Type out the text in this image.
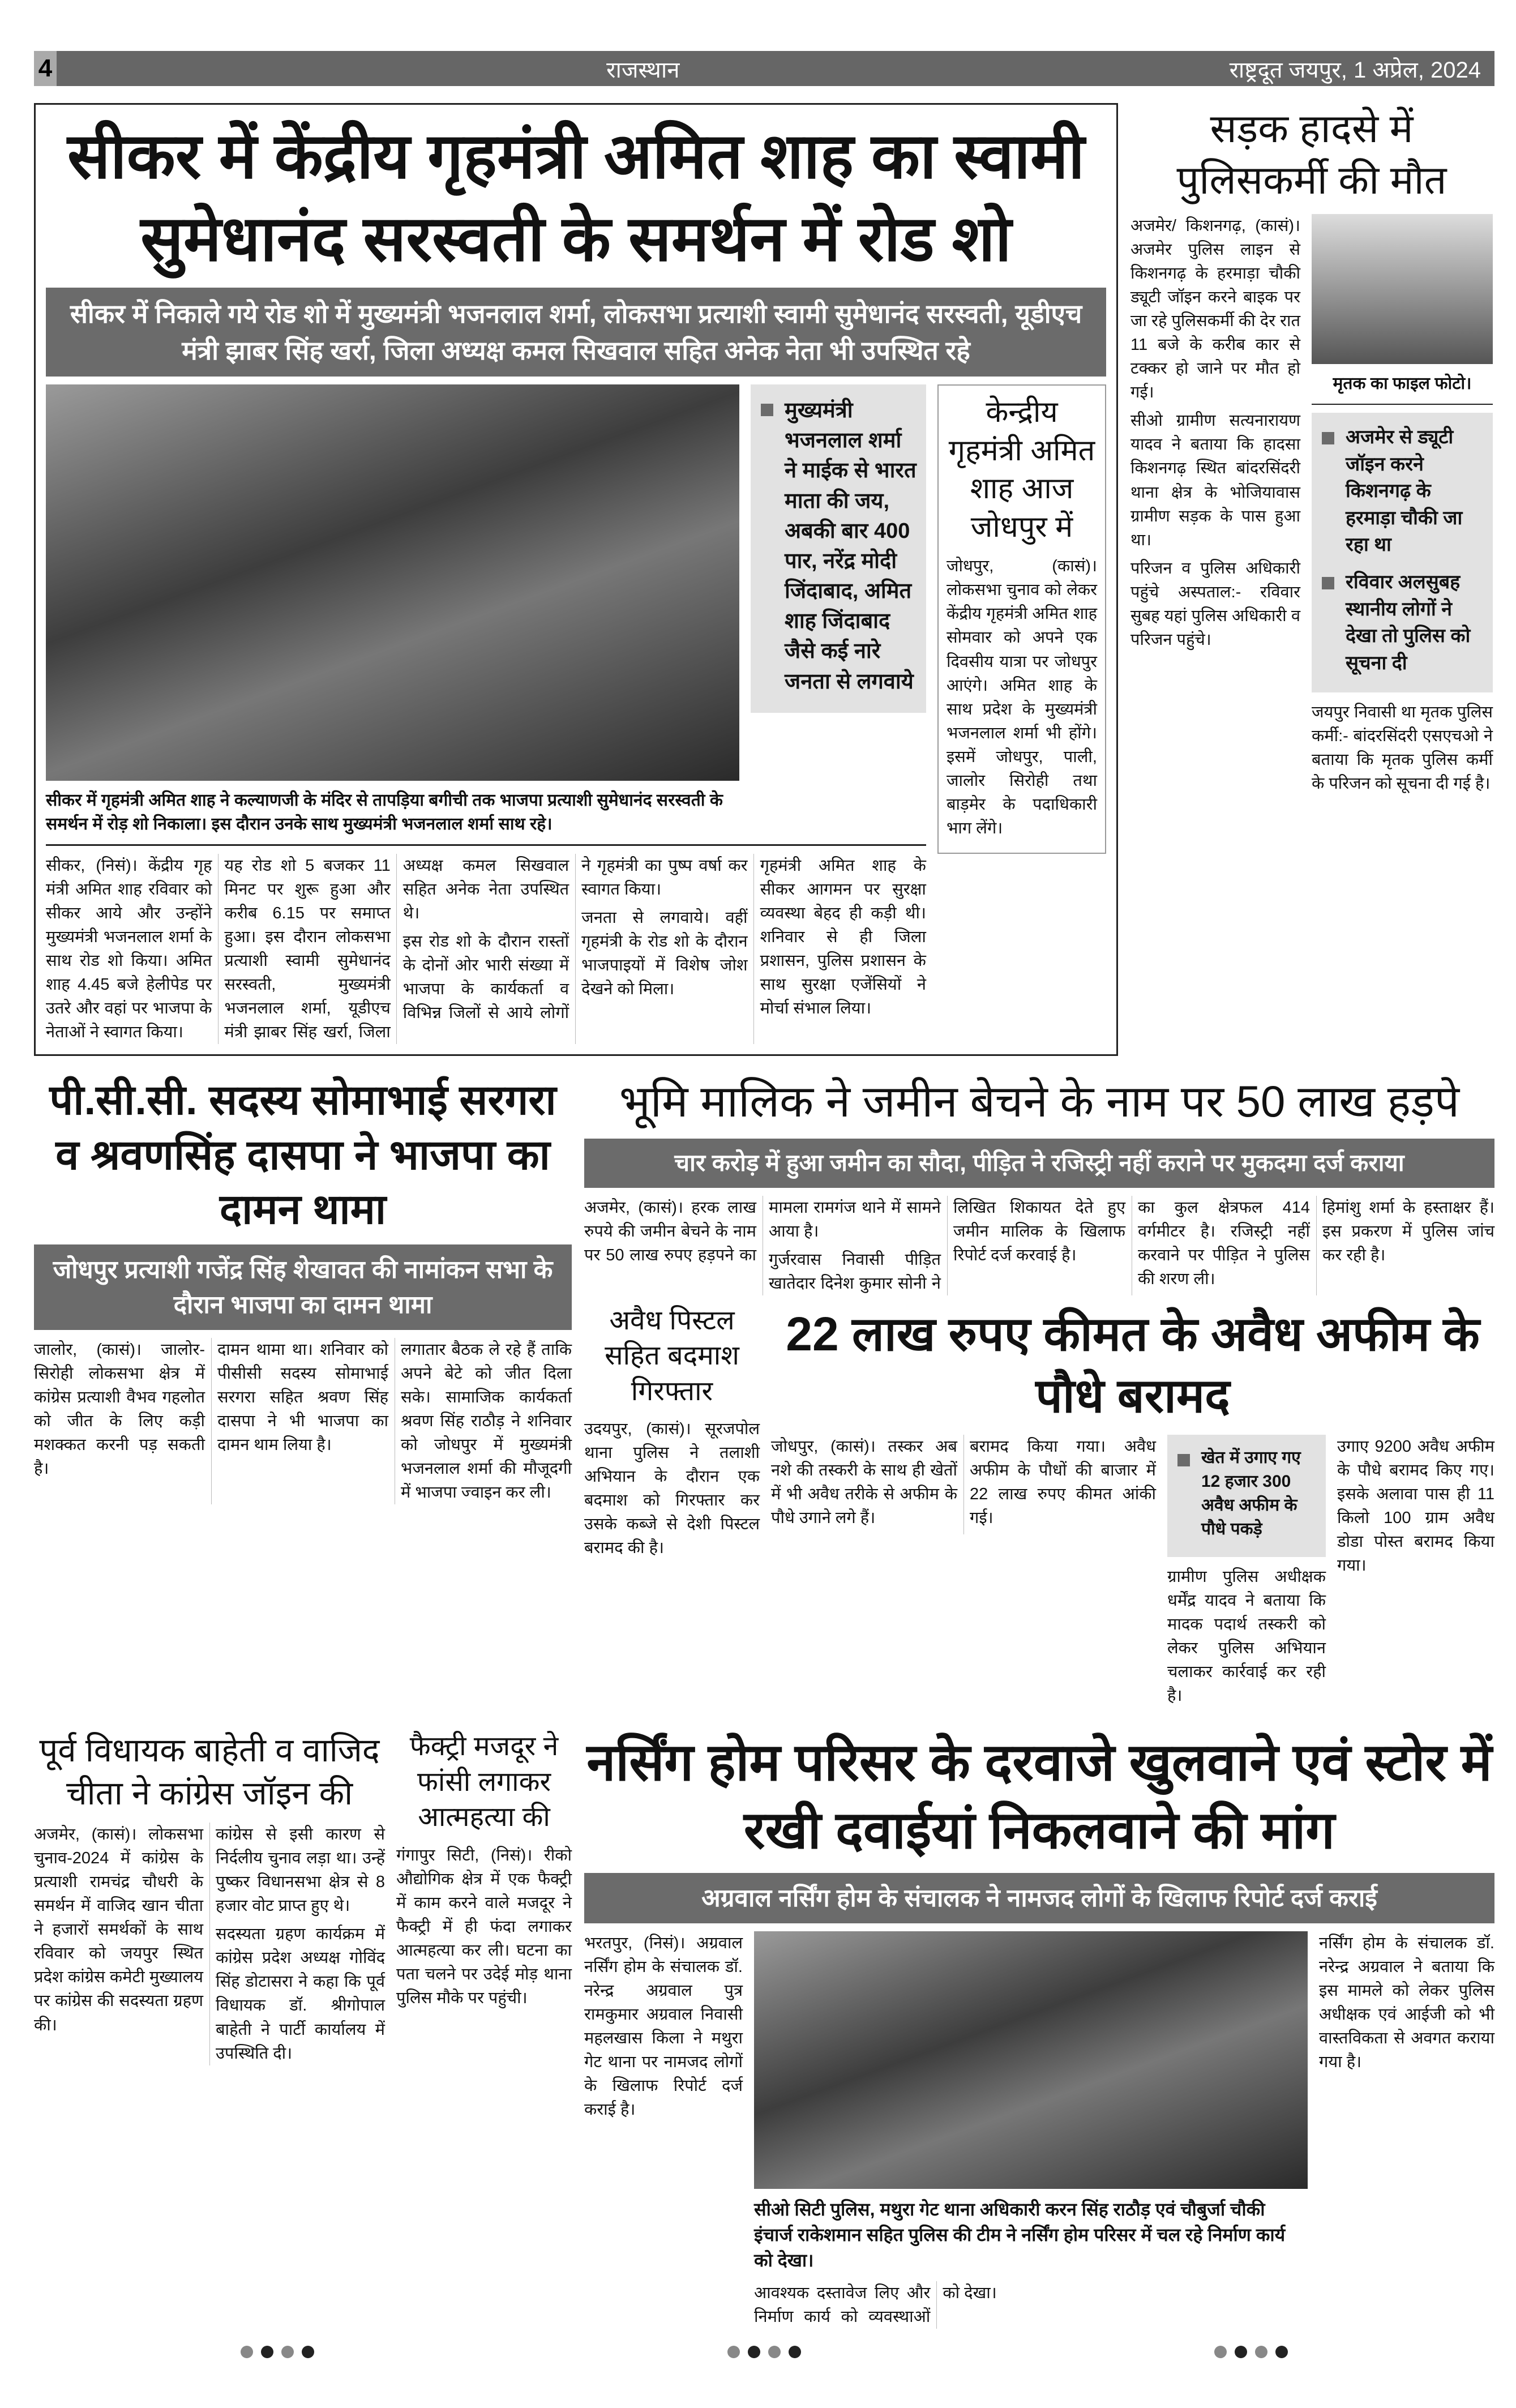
4	राजस्थान	राष्ट्रदूत जयपुर, 1 अप्रेल, 2024
सीकर में केंद्रीय गृहमंत्री अमित शाह का स्वामी
सुमेधानंद सरस्वती के समर्थन में रोड शो
सीकर में निकाले गये रोड शो में मुख्यमंत्री भजनलाल शर्मा, लोकसभा प्रत्याशी स्वामी सुमेधानंद सरस्वती, यूडीएच मंत्री झाबर सिंह खर्रा, जिला अध्यक्ष कमल सिखवाल सहित अनेक नेता भी उपस्थित रहे
सीकर में गृहमंत्री अमित शाह ने कल्याणजी के मंदिर से तापड़िया बगीची तक भाजपा प्रत्याशी सुमेधानंद सरस्वती के समर्थन में रोड़ शो निकाला। इस दौरान उनके साथ मुख्यमंत्री भजनलाल शर्मा साथ रहे।

मुख्यमंत्री भजनलाल शर्मा ने माईक से भारत माता की जय, अबकी बार 400 पार, नरेंद्र मोदी जिंदाबाद, अमित शाह जिंदाबाद जैसे कई नारे जनता से लगवाये

सीकर, (निसं)। केंद्रीय गृह मंत्री अमित शाह रविवार को सीकर आये और उन्होंने मुख्यमंत्री भजनलाल शर्मा के साथ रोड शो किया। अमित शाह 4.45 बजे हेलीपेड पर उतरे और वहां पर भाजपा के नेताओं ने स्वागत किया।

यह रोड शो 5 बजकर 11 मिनट पर शुरू हुआ और करीब 6.15 पर समाप्त हुआ। इस दौरान लोकसभा प्रत्याशी स्वामी सुमेधानंद सरस्वती, मुख्यमंत्री भजनलाल शर्मा, यूडीएच मंत्री झाबर सिंह खर्रा, जिला अध्यक्ष कमल सिखवाल सहित अनेक नेता उपस्थित थे।

इस रोड शो के दौरान रास्तों के दोनों ओर भारी संख्या में भाजपा के कार्यकर्ता व विभिन्न जिलों से आये लोगों ने गृहमंत्री का पुष्प वर्षा कर स्वागत किया।

जनता से लगवाये। वहीं गृहमंत्री के रोड शो के दौरान भाजपाइयों में विशेष जोश देखने को मिला।

गृहमंत्री अमित शाह के सीकर आगमन पर सुरक्षा व्यवस्था बेहद ही कड़ी थी। शनिवार से ही जिला प्रशासन, पुलिस प्रशासन के साथ सुरक्षा एजेंसियों ने मोर्चा संभाल लिया।

केन्द्रीय गृहमंत्री अमित शाह आज जोधपुर में

जोधपुर, (कासं)। लोकसभा चुनाव को लेकर केंद्रीय गृहमंत्री अमित शाह सोमवार को अपने एक दिवसीय यात्रा पर जोधपुर आएंगे। अमित शाह के साथ प्रदेश के मुख्यमंत्री भजनलाल शर्मा भी होंगे। इसमें जोधपुर, पाली, जालोर सिरोही तथा बाड़मेर के पदाधिकारी भाग लेंगे।

सड़क हादसे में पुलिसकर्मी की मौत

अजमेर/ किशनगढ़, (कासं)। अजमेर पुलिस लाइन से किशनगढ़ के हरमाड़ा चौकी ड्यूटी जॉइन करने बाइक पर जा रहे पुलिसकर्मी की देर रात 11 बजे के करीब कार से टक्कर हो जाने पर मौत हो गई।

सीओ ग्रामीण सत्यनारायण यादव ने बताया कि हादसा किशनगढ़ स्थित बांदरसिंदरी थाना क्षेत्र के भोजियावास ग्रामीण सड़क के पास हुआ था।

परिजन व पुलिस अधिकारी पहुंचे अस्पताल:- रविवार सुबह यहां पुलिस अधिकारी व परिजन पहुंचे।

मृतक का फाइल फोटो।

अजमेर से ड्यूटी जॉइन करने किशनगढ़ के हरमाड़ा चौकी जा रहा था

रविवार अलसुबह स्थानीय लोगों ने देखा तो पुलिस को सूचना दी

जयपुर निवासी था मृतक पुलिस कर्मी:- बांदरसिंदरी एसएचओ ने बताया कि मृतक पुलिस कर्मी के परिजन को सूचना दी गई है।

पी.सी.सी. सदस्य सोमाभाई सरगरा व श्रवणसिंह दासपा ने भाजपा का दामन थामा
जोधपुर प्रत्याशी गजेंद्र सिंह शेखावत की नामांकन सभा के दौरान भाजपा का दामन थामा

जालोर, (कासं)। जालोर-सिरोही लोकसभा क्षेत्र में कांग्रेस प्रत्याशी वैभव गहलोत को जीत के लिए कड़ी मशक्कत करनी पड़ सकती है।

दामन थामा था। शनिवार को पीसीसी सदस्य सोमाभाई सरगरा सहित श्रवण सिंह दासपा ने भी भाजपा का दामन थाम लिया है।

लगातार बैठक ले रहे हैं ताकि अपने बेटे को जीत दिला सके। सामाजिक कार्यकर्ता श्रवण सिंह राठौड़ ने शनिवार को जोधपुर में मुख्यमंत्री भजनलाल शर्मा की मौजूदगी में भाजपा ज्वाइन कर ली।

भूमि मालिक ने जमीन बेचने के नाम पर 50 लाख हड़पे
चार करोड़ में हुआ जमीन का सौदा, पीड़ित ने रजिस्ट्री नहीं कराने पर मुकदमा दर्ज कराया

अजमेर, (कासं)। हरक लाख रुपये की जमीन बेचने के नाम पर 50 लाख रुपए हड़पने का मामला रामगंज थाने में सामने आया है।

गुर्जरवास निवासी पीड़ित खातेदार दिनेश कुमार सोनी ने लिखित शिकायत देते हुए जमीन मालिक के खिलाफ रिपोर्ट दर्ज करवाई है।

का कुल क्षेत्रफल 414 वर्गमीटर है। रजिस्ट्री नहीं करवाने पर पीड़ित ने पुलिस की शरण ली।

हिमांशु शर्मा के हस्ताक्षर हैं। इस प्रकरण में पुलिस जांच कर रही है।

अवैध पिस्टल सहित बदमाश गिरफ्तार

उदयपुर, (कासं)। सूरजपोल थाना पुलिस ने तलाशी अभियान के दौरान एक बदमाश को गिरफ्तार कर उसके कब्जे से देशी पिस्टल बरामद की है।

22 लाख रुपए कीमत के अवैध अफीम के पौधे बरामद

जोधपुर, (कासं)। तस्कर अब नशे की तस्करी के साथ ही खेतों में भी अवैध तरीके से अफीम के पौधे उगाने लगे हैं।

बरामद किया गया। अवैध अफीम के पौधों की बाजार में 22 लाख रुपए कीमत आंकी गई।

खेत में उगाए गए 12 हजार 300 अवैध अफीम के पौधे पकड़े

ग्रामीण पुलिस अधीक्षक धर्मेंद्र यादव ने बताया कि मादक पदार्थ तस्करी को लेकर पुलिस अभियान चलाकर कार्रवाई कर रही है।

उगाए 9200 अवैध अफीम के पौधे बरामद किए गए। इसके अलावा पास ही 11 किलो 100 ग्राम अवैध डोडा पोस्त बरामद किया गया।

पूर्व विधायक बाहेती व वाजिद चीता ने कांग्रेस जॉइन की

अजमेर, (कासं)। लोकसभा चुनाव-2024 में कांग्रेस के प्रत्याशी रामचंद्र चौधरी के समर्थन में वाजिद खान चीता ने हजारों समर्थकों के साथ रविवार को जयपुर स्थित प्रदेश कांग्रेस कमेटी मुख्यालय पर कांग्रेस की सदस्यता ग्रहण की।

कांग्रेस से इसी कारण से निर्दलीय चुनाव लड़ा था। उन्हें पुष्कर विधानसभा क्षेत्र से 8 हजार वोट प्राप्त हुए थे।

सदस्यता ग्रहण कार्यक्रम में कांग्रेस प्रदेश अध्यक्ष गोविंद सिंह डोटासरा ने कहा कि पूर्व विधायक डॉ. श्रीगोपाल बाहेती ने पार्टी कार्यालय में उपस्थिति दी।

फैक्ट्री मजदूर ने फांसी लगाकर आत्महत्या की

गंगापुर सिटी, (निसं)। रीको औद्योगिक क्षेत्र में एक फैक्ट्री में काम करने वाले मजदूर ने फैक्ट्री में ही फंदा लगाकर आत्महत्या कर ली। घटना का पता चलने पर उदेई मोड़ थाना पुलिस मौके पर पहुंची।

नर्सिंग होम परिसर के दरवाजे खुलवाने एवं स्टोर में रखी दवाईयां निकलवाने की मांग
अग्रवाल नर्सिंग होम के संचालक ने नामजद लोगों के खिलाफ रिपोर्ट दर्ज कराई

भरतपुर, (निसं)। अग्रवाल नर्सिंग होम के संचालक डॉ. नरेन्द्र अग्रवाल पुत्र रामकुमार अग्रवाल निवासी महलखास किला ने मथुरा गेट थाना पर नामजद लोगों के खिलाफ रिपोर्ट दर्ज कराई है।

सीओ सिटी पुलिस, मथुरा गेट थाना अधिकारी करन सिंह राठौड़ एवं चौबुर्जा चौकी इंचार्ज राकेशमान सहित पुलिस की टीम ने नर्सिंग होम परिसर में चल रहे निर्माण कार्य को देखा।

आवश्यक दस्तावेज लिए और निर्माण कार्य को व्यवस्थाओं को देखा।

नर्सिंग होम के संचालक डॉ. नरेन्द्र अग्रवाल ने बताया कि इस मामले को लेकर पुलिस अधीक्षक एवं आईजी को भी वास्तविकता से अवगत कराया गया है।
